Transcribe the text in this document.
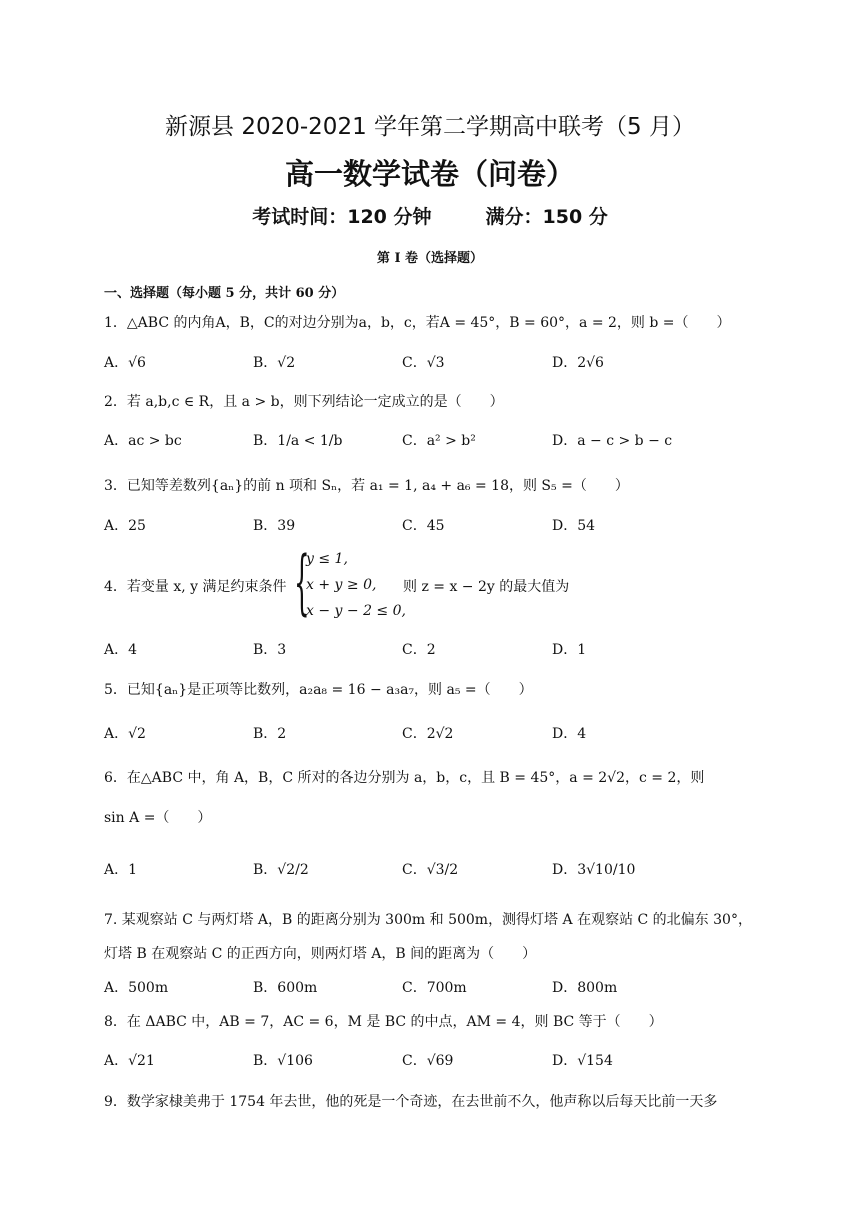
新源县 2020-2021 学年第二学期高中联考（5 月）
高一数学试卷（问卷）
考试时间：120 分钟	满分：150 分
第 I 卷（选择题）
一、选择题（每小题 5 分，共计 60 分）
1．△ABC 的内角A，B，C的对边分别为a，b，c，若A = 45°，B = 60°，a = 2，则 b =（　　）
A．√6	B．√2	C．√3	D．2√6
2．若 a,b,c ∈ R，且 a > b，则下列结论一定成立的是（　　）
A．ac > bc	B．1/a < 1/b	C．a² > b²	D．a − c > b − c
3．已知等差数列{aₙ}的前 n 项和 Sₙ，若 a₁ = 1, a₄ + a₆ = 18，则 S₅ =（　　）
A．25	B．39	C．45	D．54
4．若变量 x, y 满足约束条件 {
y ≤ 1,
x + y ≥ 0,
x − y − 2 ≤ 0,
则 z = x − 2y 的最大值为
A．4	B．3	C．2	D．1
5．已知{aₙ}是正项等比数列，a₂a₈ = 16 − a₃a₇，则 a₅ =（　　）
A．√2	B．2	C．2√2	D．4
6．在△ABC 中，角 A，B，C 所对的各边分别为 a，b，c，且 B = 45°，a = 2√2，c = 2，则
sin A =（　　）
A．1	B．√2/2	C．√3/2	D．3√10/10
7. 某观察站 C 与两灯塔 A，B 的距离分别为 300m 和 500m，测得灯塔 A 在观察站 C 的北偏东 30°，
灯塔 B 在观察站 C 的正西方向，则两灯塔 A，B 间的距离为（　　）
A．500m	B．600m	C．700m	D．800m
8．在 ΔABC 中，AB = 7，AC = 6，M 是 BC 的中点，AM = 4，则 BC 等于（　　）
A．√21	B．√106	C．√69	D．√154
9．数学家棣美弗于 1754 年去世，他的死是一个奇迹，在去世前不久，他声称以后每天比前一天多
